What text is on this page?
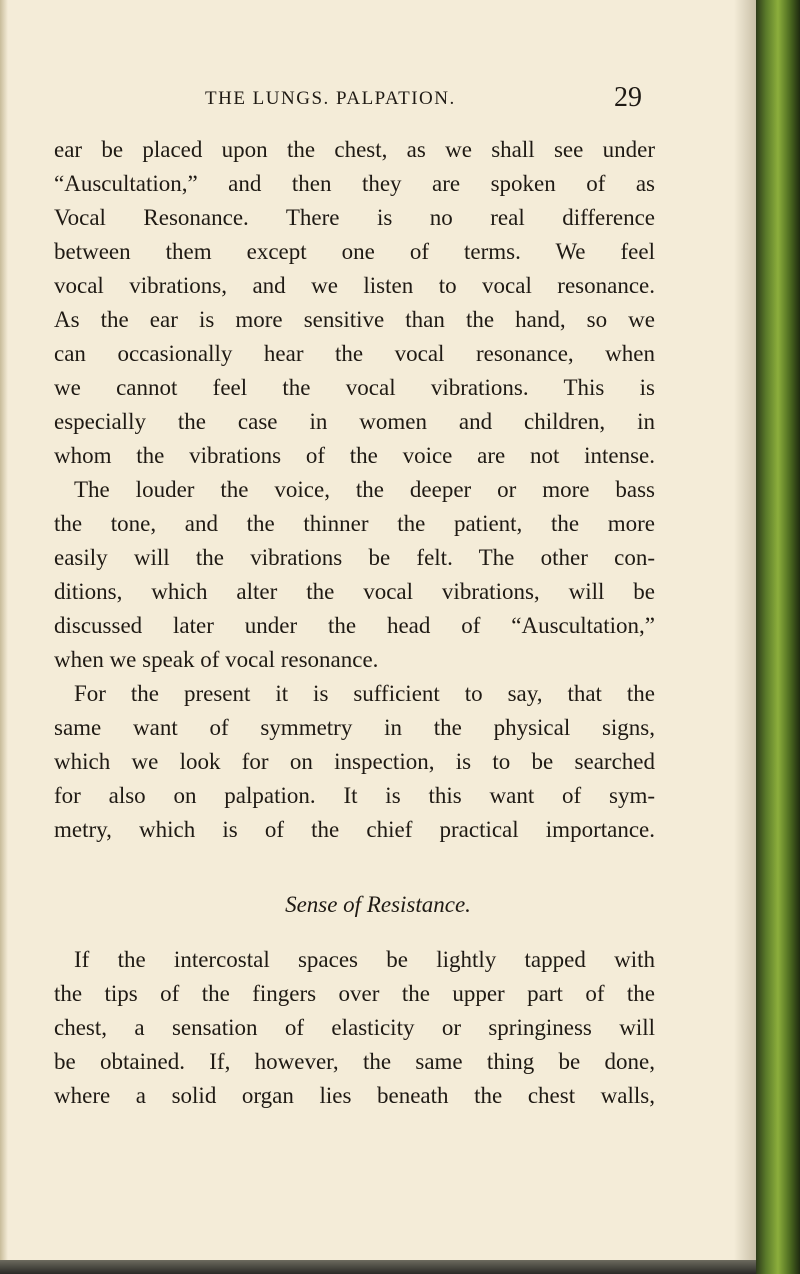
THE LUNGS. PALPATION.	29
ear be placed upon the chest, as we shall see under
“Auscultation,” and then they are spoken of as
Vocal Resonance. There is no real difference
between them except one of terms. We feel
vocal vibrations, and we listen to vocal resonance.
As the ear is more sensitive than the hand, so we
can occasionally hear the vocal resonance, when
we cannot feel the vocal vibrations. This is
especially the case in women and children, in
whom the vibrations of the voice are not intense.
The louder the voice, the deeper or more bass
the tone, and the thinner the patient, the more
easily will the vibrations be felt. The other con-
ditions, which alter the vocal vibrations, will be
discussed later under the head of “Auscultation,”
when we speak of vocal resonance.
For the present it is sufficient to say, that the
same want of symmetry in the physical signs,
which we look for on inspection, is to be searched
for also on palpation. It is this want of sym-
metry, which is of the chief practical importance.
Sense of Resistance.
If the intercostal spaces be lightly tapped with
the tips of the fingers over the upper part of the
chest, a sensation of elasticity or springiness will
be obtained. If, however, the same thing be done,
where a solid organ lies beneath the chest walls,
